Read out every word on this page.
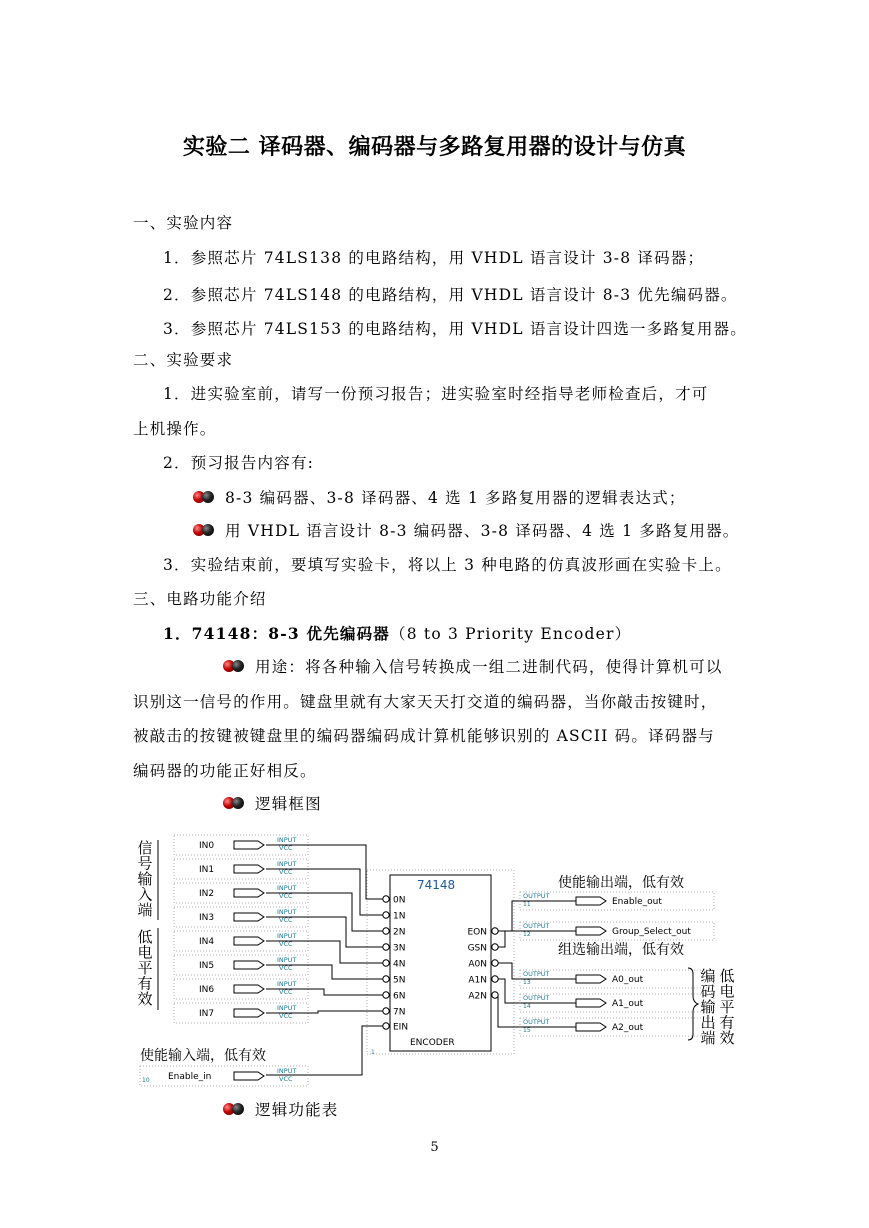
实验二 译码器、编码器与多路复用器的设计与仿真
一、实验内容
1．参照芯片 74LS138 的电路结构，用 VHDL 语言设计 3-8 译码器；
2．参照芯片 74LS148 的电路结构，用 VHDL 语言设计 8-3 优先编码器。
3．参照芯片 74LS153 的电路结构，用 VHDL 语言设计四选一多路复用器。
二、实验要求
1．进实验室前，请写一份预习报告；进实验室时经指导老师检查后，才可
上机操作。
2．预习报告内容有:
8-3 编码器、3-8 译码器、4 选 1 多路复用器的逻辑表达式；
用 VHDL 语言设计 8-3 编码器、3-8 译码器、4 选 1 多路复用器。
3．实验结束前，要填写实验卡，将以上 3 种电路的仿真波形画在实验卡上。
三、电路功能介绍
1．74148：8-3 优先编码器（8 to 3 Priority Encoder）
用途：将各种输入信号转换成一组二进制代码，使得计算机可以
识别这一信号的作用。键盘里就有大家天天打交道的编码器，当你敲击按键时，
被敲击的按键被键盘里的编码器编码成计算机能够识别的 ASCII 码。译码器与
编码器的功能正好相反。
逻辑框图
信
号
输
入
端
低
电
平
有
效
IN0
INPUT
VCC
IN1
INPUT
VCC
IN2
INPUT
VCC
IN3
INPUT
VCC
IN4
INPUT
VCC
IN5
INPUT
VCC
IN6
INPUT
VCC
IN7
INPUT
VCC
74148
ENCODER
1
0N
1N
2N
3N
4N
5N
6N
7N
EIN
EON
GSN
A0N
A1N
A2N
OUTPUT
11	Enable_out
OUTPUT
12	Group_Select_out
OUTPUT
13	A0_out
OUTPUT
14	A1_out
OUTPUT
15	A2_out
使能输出端，低有效
组选输出端，低有效
编
码
输
出
端
低
电
平
有
效
使能输入端，低有效
10 Enable_in
INPUT
VCC
逻辑功能表
5
